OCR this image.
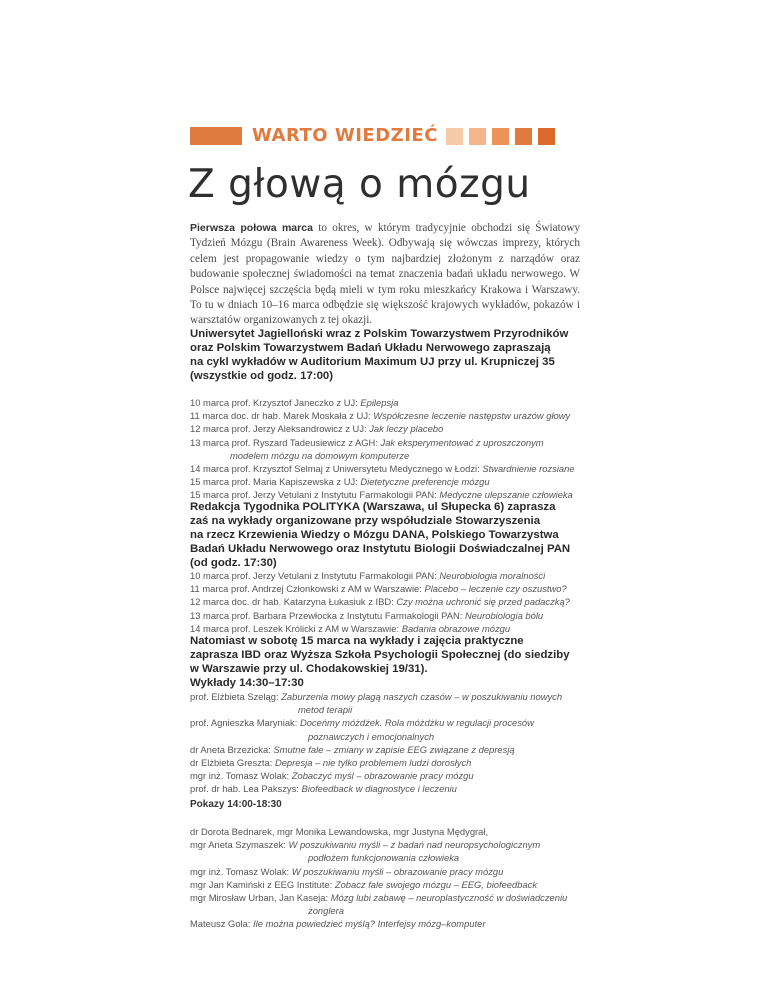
WARTO WIEDZIEĆ
Z głową o mózgu

Pierwsza połowa marca to okres, w którym tradycyjnie obchodzi się Światowy Tydzień Mózgu (Brain Awareness Week). Odbywają się wówczas imprezy, których celem jest propagowanie wiedzy o tym najbardziej złożonym z narządów oraz budowanie społecznej świadomości na temat znaczenia badań układu nerwowego. W Polsce najwięcej szczęścia będą mieli w tym roku mieszkańcy Krakowa i Warszawy. To tu w dniach 10–16 marca odbędzie się większość krajowych wykładów, pokazów i warsztatów organizowanych z tej okazji.

Uniwersytet Jagielloński wraz z Polskim Towarzystwem Przyrodników
oraz Polskim Towarzystwem Badań Układu Nerwowego zapraszają
na cykl wykładów w Auditorium Maximum UJ przy ul. Krupniczej 35
(wszystkie od godz. 17:00)
10 marca prof. Krzysztof Janeczko z UJ: Epilepsja
11 marca doc. dr hab. Marek Moskała z UJ: Współczesne leczenie następstw urazów głowy
12 marca prof. Jerzy Aleksandrowicz z UJ: Jak leczy placebo
13 marca prof. Ryszard Tadeusiewicz z AGH: Jak eksperymentować z uproszczonym
modelem mózgu na domowym komputerze
14 marca prof. Krzysztof Selmaj z Uniwersytetu Medycznego w Łodzi: Stwardnienie rozsiane
15 marca prof. Maria Kapiszewska z UJ: Dietetyczne preferencje mózgu
15 marca prof. Jerzy Vetulani z Instytutu Farmakologii PAN: Medyczne ulepszanie człowieka
Redakcja Tygodnika POLITYKA (Warszawa, ul Słupecka 6) zaprasza
zaś na wykłady organizowane przy współudziale Stowarzyszenia
na rzecz Krzewienia Wiedzy o Mózgu DANA, Polskiego Towarzystwa
Badań Układu Nerwowego oraz Instytutu Biologii Doświadczalnej PAN
(od godz. 17:30)
10 marca prof. Jerzy Vetulani z Instytutu Farmakologii PAN: Neurobiologia moralności
11 marca prof. Andrzej Członkowski z AM w Warszawie: Placebo – leczenie czy oszustwo?
12 marca doc. dr hab. Katarzyna Łukasiuk z IBD: Czy można uchronić się przed padaczką?
13 marca prof. Barbara Przewłocka z Instytutu Farmakologii PAN: Neurobiologia bólu
14 marca prof. Leszek Królicki z AM w Warszawie: Badania obrazowe mózgu
Natomiast w sobotę 15 marca na wykłady i zajęcia praktyczne
zaprasza IBD oraz Wyższa Szkoła Psychologii Społecznej (do siedziby
w Warszawie przy ul. Chodakowskiej 19/31).
Wykłady 14:30–17:30
prof. Elżbieta Szeląg: Zaburzenia mowy plagą naszych czasów – w poszukiwaniu nowych
metod terapii
prof. Agnieszka Maryniak: Doceńmy móżdżek. Rola móżdżku w regulacji procesów
poznawczych i emocjonalnych
dr Aneta Brzezicka: Smutne fale – zmiany w zapisie EEG związane z depresją
dr Elżbieta Greszta: Depresja – nie tylko problemem ludzi dorosłych
mgr inż. Tomasz Wolak: Zobaczyć myśl – obrazowanie pracy mózgu
prof. dr hab. Lea Pakszys: Biofeedback w diagnostyce i leczeniu
Pokazy 14:00-18:30
dr Dorota Bednarek, mgr Monika Lewandowska, mgr Justyna Mędygrał,
mgr Aneta Szymaszek: W poszukiwaniu myśli – z badań nad neuropsychologicznym
podłożem funkcjonowania człowieka
mgr inż. Tomasz Wolak: W poszukiwaniu myśli – obrazowanie pracy mózgu
mgr Jan Kamiński z EEG Institute: Zobacz fale swojego mózgu – EEG, biofeedback
mgr Mirosław Urban, Jan Kaseja: Mózg lubi zabawę – neuroplastyczność w doświadczeniu
żonglera
Mateusz Gola: Ile można powiedzieć myślą? Interfejsy mózg–komputer
